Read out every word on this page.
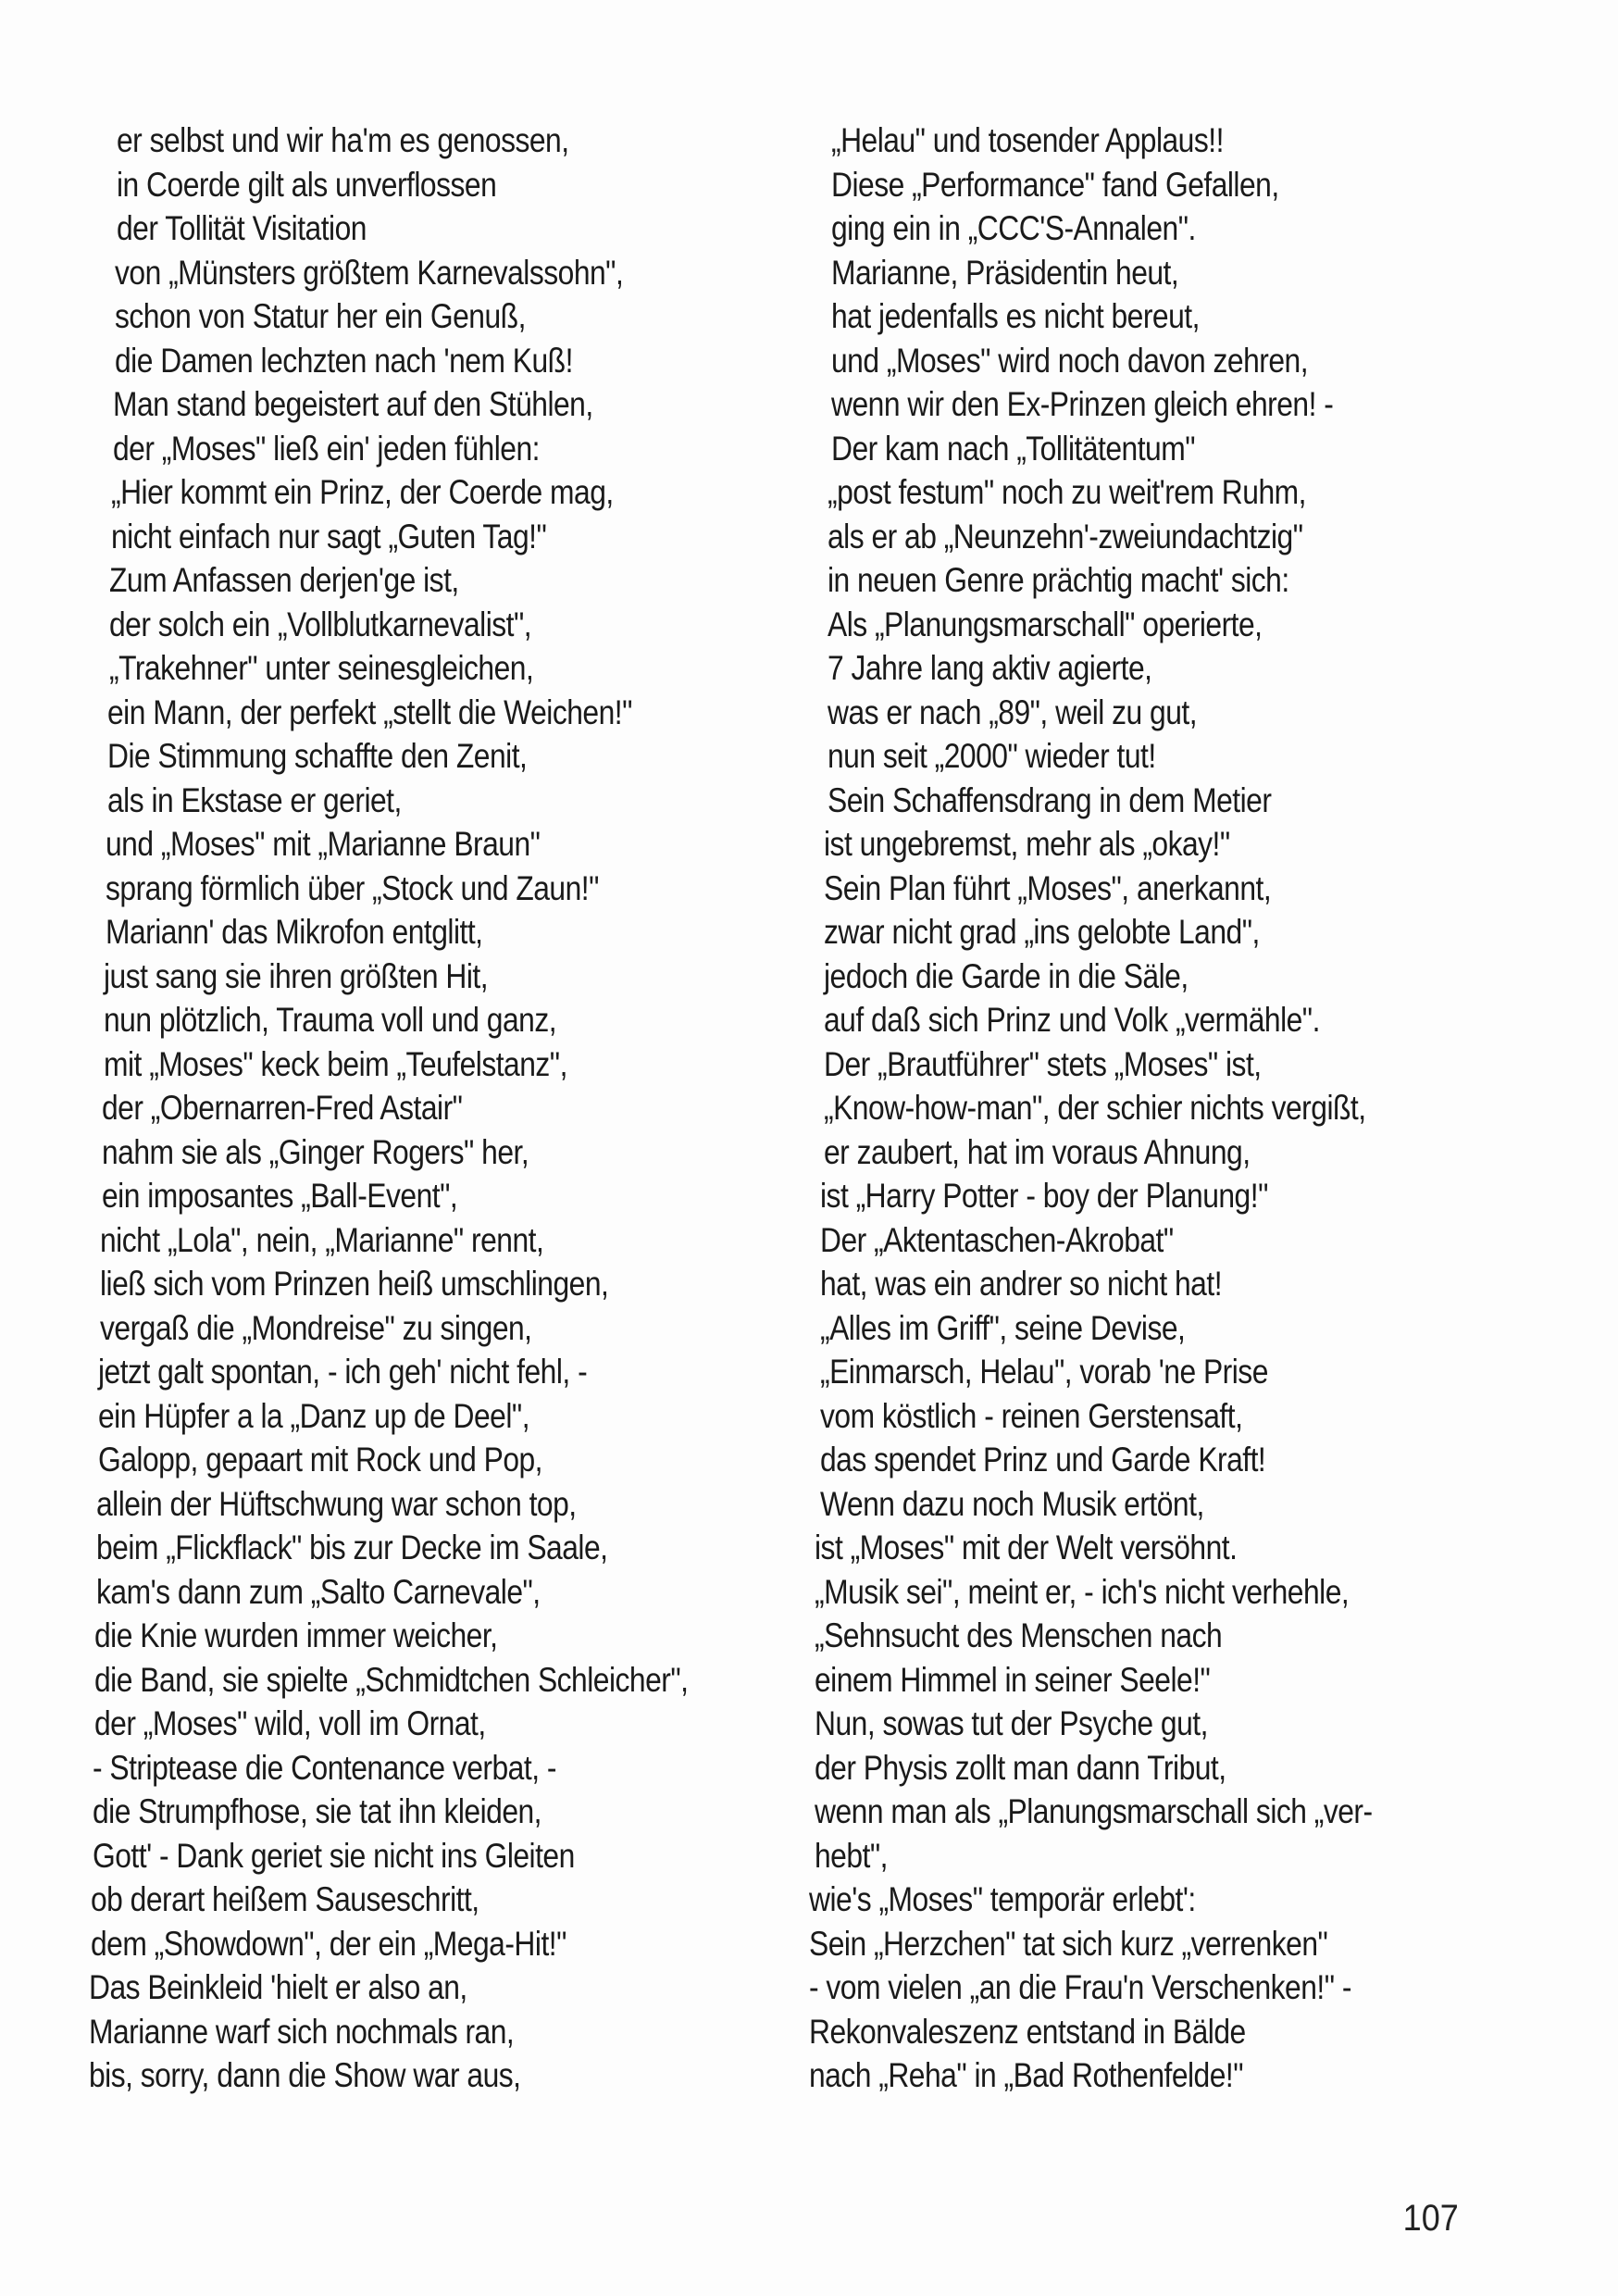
er selbst und wir ha'm es genossen,
in Coerde gilt als unverflossen
der Tollität Visitation
von „Münsters größtem Karnevalssohn",
schon von Statur her ein Genuß,
die Damen lechzten nach 'nem Kuß!
Man stand begeistert auf den Stühlen,
der „Moses" ließ ein' jeden fühlen:
„Hier kommt ein Prinz, der Coerde mag,
nicht einfach nur sagt „Guten Tag!"
Zum Anfassen derjen'ge ist,
der solch ein „Vollblutkarnevalist",
„Trakehner" unter seinesgleichen,
ein Mann, der perfekt „stellt die Weichen!"
Die Stimmung schaffte den Zenit,
als in Ekstase er geriet,
und „Moses" mit „Marianne Braun"
sprang förmlich über „Stock und Zaun!"
Mariann' das Mikrofon entglitt,
just sang sie ihren größten Hit,
nun plötzlich, Trauma voll und ganz,
mit „Moses" keck beim „Teufelstanz",
der „Obernarren-Fred Astair"
nahm sie als „Ginger Rogers" her,
ein imposantes „Ball-Event",
nicht „Lola", nein, „Marianne" rennt,
ließ sich vom Prinzen heiß umschlingen,
vergaß die „Mondreise" zu singen,
jetzt galt spontan, - ich geh' nicht fehl, -
ein Hüpfer a la „Danz up de Deel",
Galopp, gepaart mit Rock und Pop,
allein der Hüftschwung war schon top,
beim „Flickflack" bis zur Decke im Saale,
kam's dann zum „Salto Carnevale",
die Knie wurden immer weicher,
die Band, sie spielte „Schmidtchen Schleicher",
der „Moses" wild, voll im Ornat,
- Striptease die Contenance verbat, -
die Strumpfhose, sie tat ihn kleiden,
Gott' - Dank geriet sie nicht ins Gleiten
ob derart heißem Sauseschritt,
dem „Showdown", der ein „Mega-Hit!"
Das Beinkleid 'hielt er also an,
Marianne warf sich nochmals ran,
bis, sorry, dann die Show war aus,
„Helau" und tosender Applaus!!
Diese „Performance" fand Gefallen,
ging ein in „CCC'S-Annalen".
Marianne, Präsidentin heut,
hat jedenfalls es nicht bereut,
und „Moses" wird noch davon zehren,
wenn wir den Ex-Prinzen gleich ehren! -
Der kam nach „Tollitätentum"
„post festum" noch zu weit'rem Ruhm,
als er ab „Neunzehn'-zweiundachtzig"
in neuen Genre prächtig macht' sich:
Als „Planungsmarschall" operierte,
7 Jahre lang aktiv agierte,
was er nach „89", weil zu gut,
nun seit „2000" wieder tut!
Sein Schaffensdrang in dem Metier
ist ungebremst, mehr als „okay!"
Sein Plan führt „Moses", anerkannt,
zwar nicht grad „ins gelobte Land",
jedoch die Garde in die Säle,
auf daß sich Prinz und Volk „vermähle".
Der „Brautführer" stets „Moses" ist,
„Know-how-man", der schier nichts vergißt,
er zaubert, hat im voraus Ahnung,
ist „Harry Potter - boy der Planung!"
Der „Aktentaschen-Akrobat"
hat, was ein andrer so nicht hat!
„Alles im Griff", seine Devise,
„Einmarsch, Helau", vorab 'ne Prise
vom köstlich - reinen Gerstensaft,
das spendet Prinz und Garde Kraft!
Wenn dazu noch Musik ertönt,
ist „Moses" mit der Welt versöhnt.
„Musik sei", meint er, - ich's nicht verhehle,
„Sehnsucht des Menschen nach
einem Himmel in seiner Seele!"
Nun, sowas tut der Psyche gut,
der Physis zollt man dann Tribut,
wenn man als „Planungsmarschall sich „ver-
hebt",
wie's „Moses" temporär erlebt':
Sein „Herzchen" tat sich kurz „verrenken"
- vom vielen „an die Frau'n Verschenken!" -
Rekonvaleszenz entstand in Bälde
nach „Reha" in „Bad Rothenfelde!"
107
